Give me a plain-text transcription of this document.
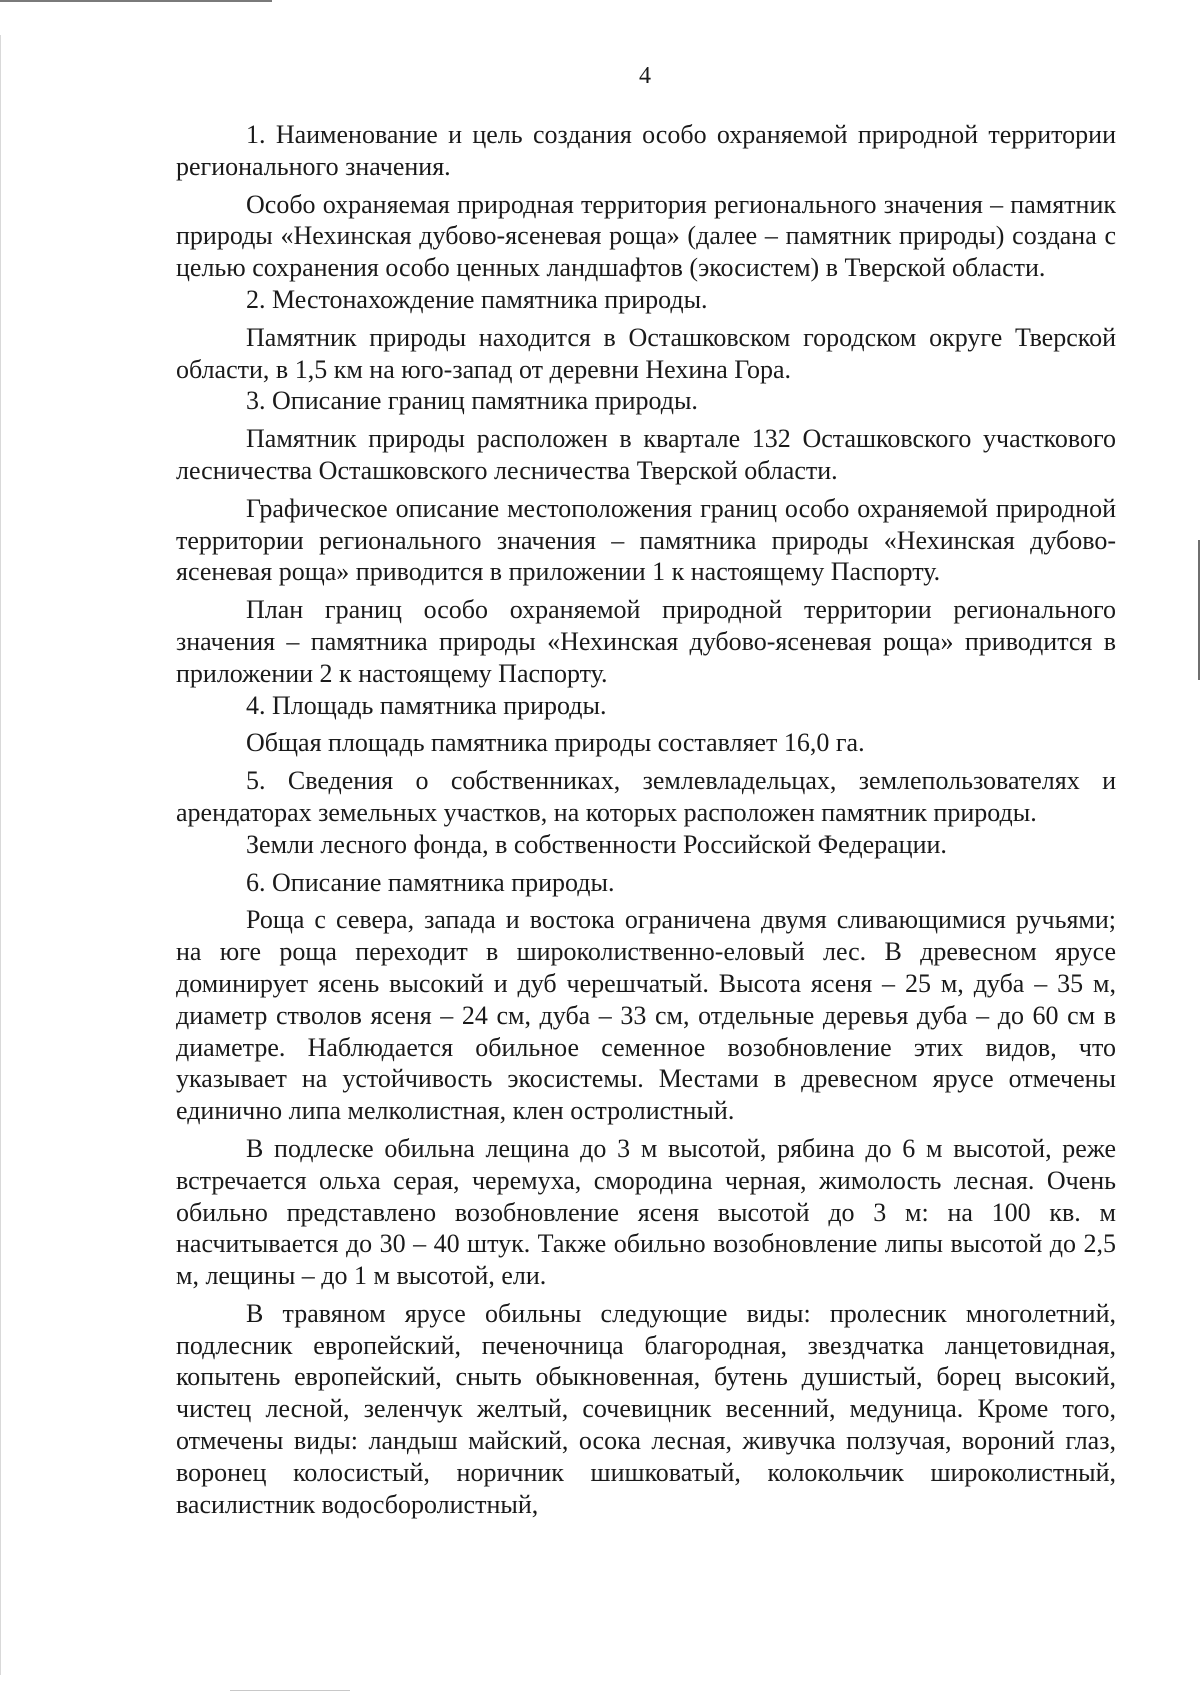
4

1. Наименование и цель создания особо охраняемой природной территории регионального значения.

Особо охраняемая природная территория регионального значения – памятник природы «Нехинская дубово-ясеневая роща» (далее – памятник природы) создана с целью сохранения особо ценных ландшафтов (экосистем) в Тверской области.

2. Местонахождение памятника природы.

Памятник природы находится в Осташковском городском округе Тверской области, в 1,5 км на юго-запад от деревни Нехина Гора.

3. Описание границ памятника природы.

Памятник природы расположен в квартале 132 Осташковского участкового лесничества Осташковского лесничества Тверской области.

Графическое описание местоположения границ особо охраняемой природной территории регионального значения – памятника природы «Нехинская дубово-ясеневая роща» приводится в приложении 1 к настоящему Паспорту.

План границ особо охраняемой природной территории регионального значения – памятника природы «Нехинская дубово-ясеневая роща» приводится в приложении 2 к настоящему Паспорту.

4. Площадь памятника природы.

Общая площадь памятника природы составляет 16,0 га.

5. Сведения о собственниках, землевладельцах, землепользователях и арендаторах земельных участков, на которых расположен памятник природы.

Земли лесного фонда, в собственности Российской Федерации.

6. Описание памятника природы.

Роща с севера, запада и востока ограничена двумя сливающимися ручьями; на юге роща переходит в широколиственно-еловый лес. В древесном ярусе доминирует ясень высокий и дуб черешчатый. Высота ясеня – 25 м, дуба – 35 м, диаметр стволов ясеня – 24 см, дуба – 33 см, отдельные деревья дуба – до 60 см в диаметре. Наблюдается обильное семенное возобновление этих видов, что указывает на устойчивость экосистемы. Местами в древесном ярусе отмечены единично липа мелколистная, клен остролистный.

В подлеске обильна лещина до 3 м высотой, рябина до 6 м высотой, реже встречается ольха серая, черемуха, смородина черная, жимолость лесная. Очень обильно представлено возобновление ясеня высотой до 3 м: на 100 кв. м насчитывается до 30 – 40 штук. Также обильно возобновление липы высотой до 2,5 м, лещины – до 1 м высотой, ели.

В травяном ярусе обильны следующие виды: пролесник многолетний, подлесник европейский, печеночница благородная, звездчатка ланцетовидная, копытень европейский, сныть обыкновенная, бутень душистый, борец высокий, чистец лесной, зеленчук желтый, сочевицник весенний, медуница. Кроме того, отмечены виды: ландыш майский, осока лесная, живучка ползучая, вороний глаз, воронец колосистый, норичник шишковатый, колокольчик широколистный, василистник водосборолистный,
